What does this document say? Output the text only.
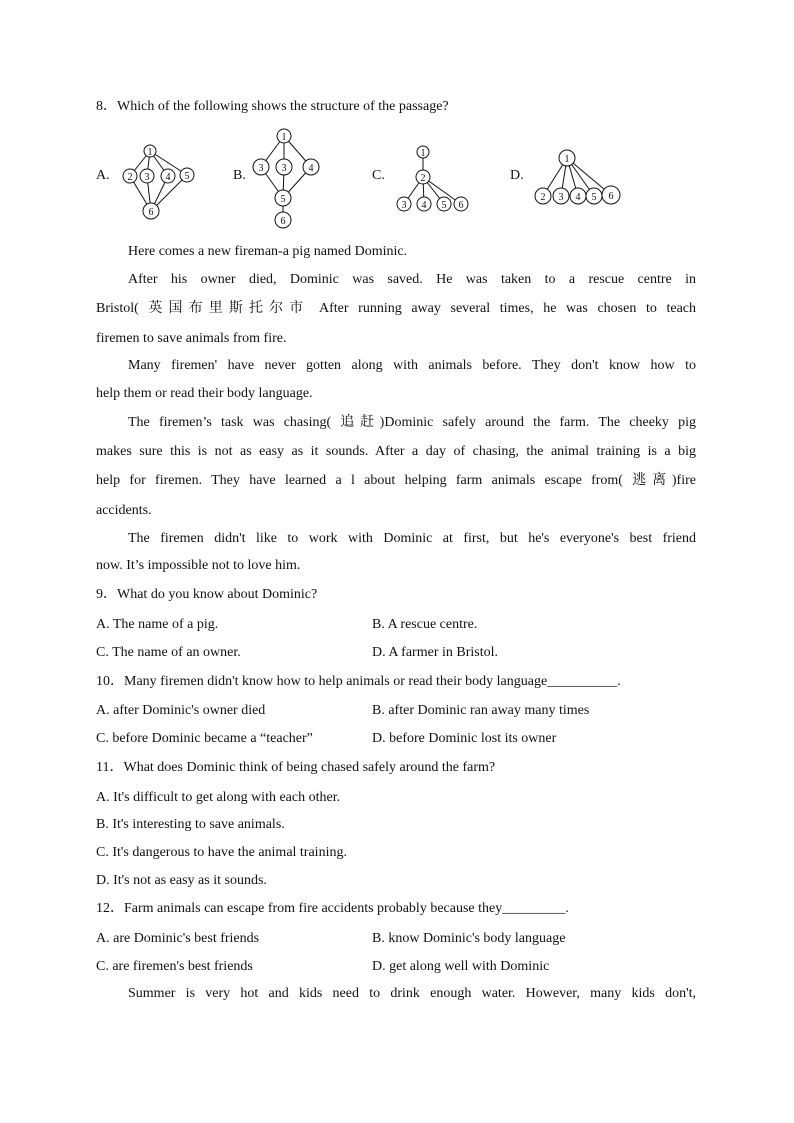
8．Which of the following shows the structure of the passage?
A.	B.	C.	D.
1
2 3 4 5
6
1
3 3 4
5
6
1
2
3 4 5 6
1
2 3 4 5 6
Here comes a new fireman-a pig named Dominic.
After his owner died, Dominic was saved. He was taken to a rescue centre in
Bristol( 英国布里斯托尔市 After running away several times, he was chosen to teach
firemen to save animals from fire.
Many firemen' have never gotten along with animals before. They don't know how to
help them or read their body language.
The firemen’s task was chasing( 追赶)Dominic safely around the farm. The cheeky pig
makes sure this is not as easy as it sounds. After a day of chasing, the animal training is a big
help for firemen. They have learned a l about helping farm animals escape from( 逃离)fire
accidents.
The firemen didn't like to work with Dominic at first, but he's everyone's best friend
now. It’s impossible not to love him.
9．What do you know about Dominic?
A. The name of a pig.	B. A rescue centre.
C. The name of an owner.	D. A farmer in Bristol.
10．Many firemen didn't know how to help animals or read their body language__________.
A. after Dominic's owner died	B. after Dominic ran away many times
C. before Dominic became a “teacher”	D. before Dominic lost its owner
11．What does Dominic think of being chased safely around the farm?
A. It's difficult to get along with each other.
B. It's interesting to save animals.
C. It's dangerous to have the animal training.
D. It's not as easy as it sounds.
12．Farm animals can escape from fire accidents probably because they_________.
A. are Dominic's best friends	B. know Dominic's body language
C. are firemen's best friends	D. get along well with Dominic
Summer is very hot and kids need to drink enough water. However, many kids don't,
